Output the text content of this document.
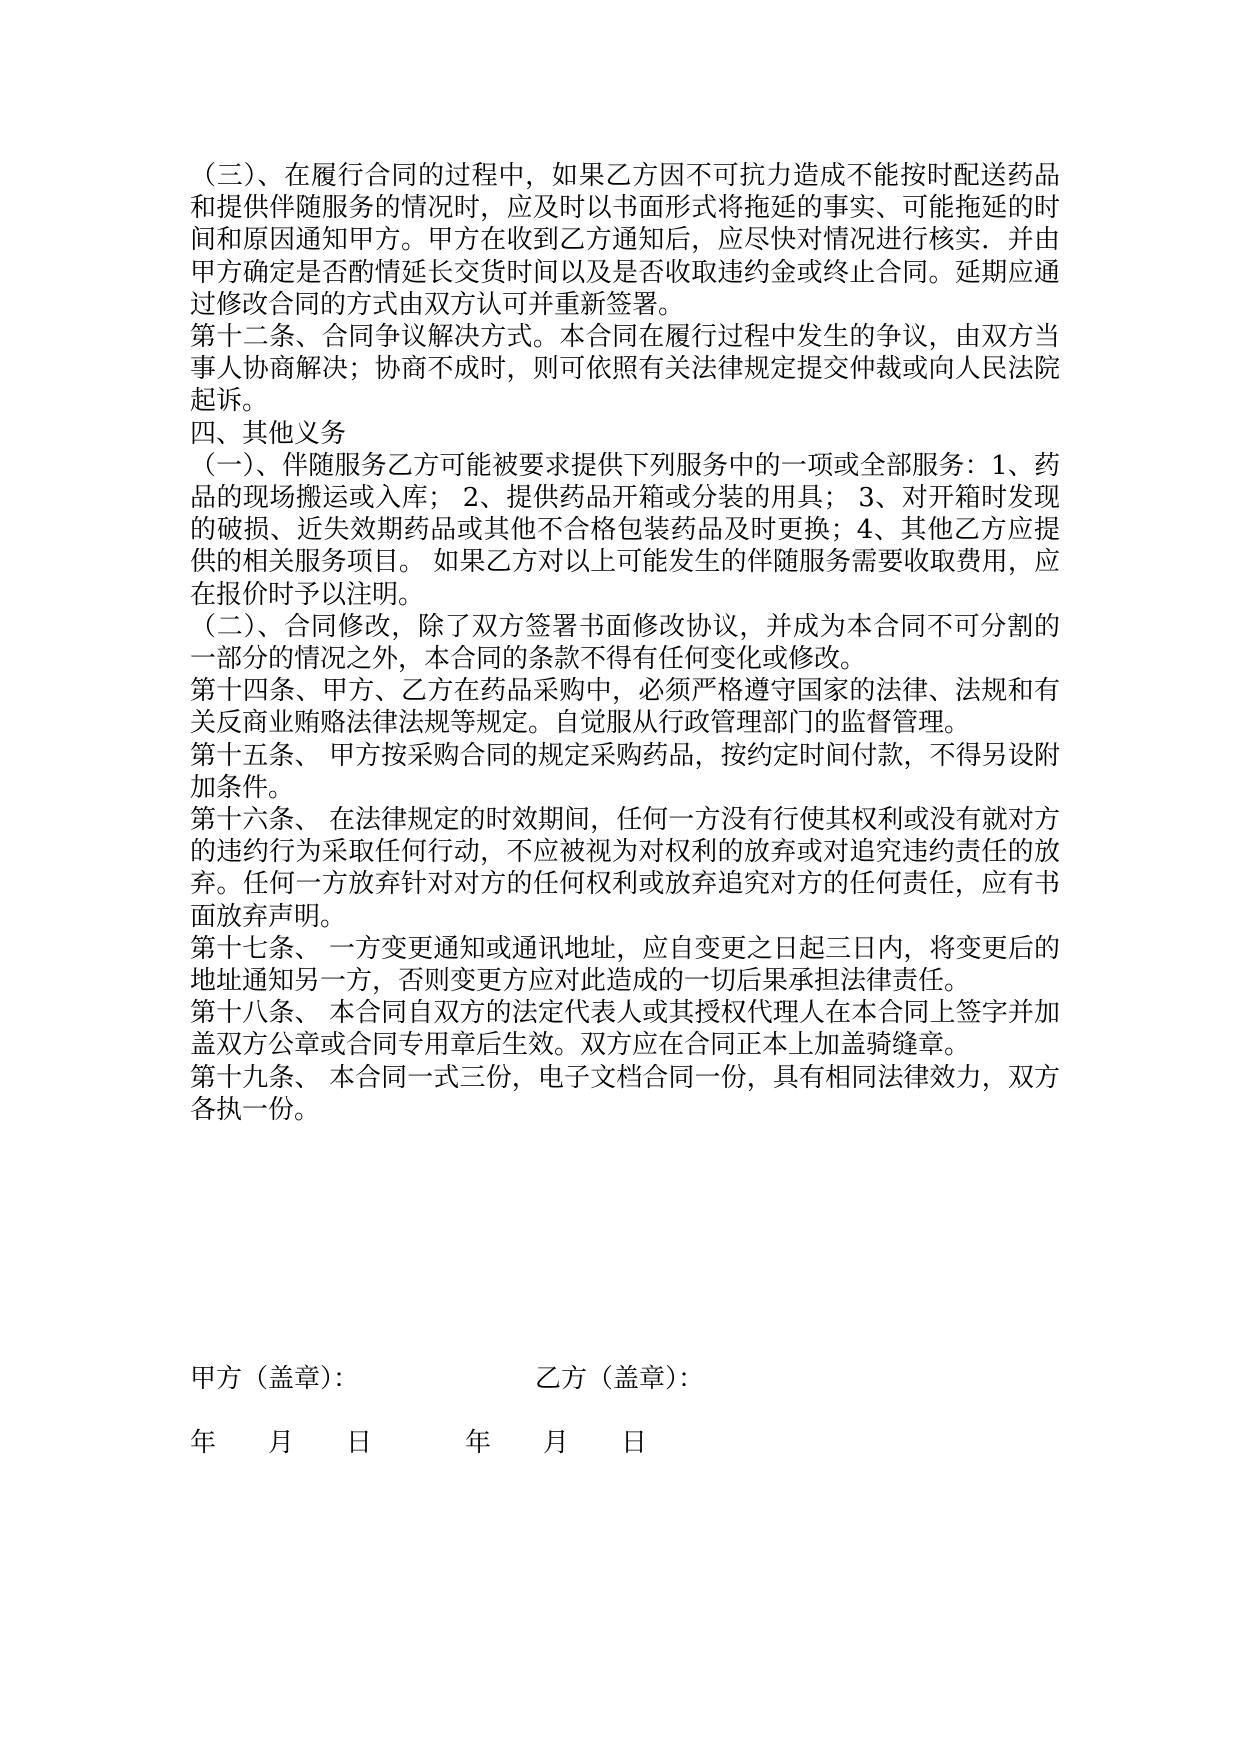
（三）、在履行合同的过程中，如果乙方因不可抗力造成不能按时配送药品和提供伴随服务的情况时，应及时以书面形式将拖延的事实、可能拖延的时间和原因通知甲方。甲方在收到乙方通知后，应尽快对情况进行核实．并由甲方确定是否酌情延长交货时间以及是否收取违约金或终止合同。延期应通过修改合同的方式由双方认可并重新签署。

第十二条、合同争议解决方式。本合同在履行过程中发生的争议，由双方当事人协商解决；协商不成时，则可依照有关法律规定提交仲裁或向人民法院起诉。

四、其他义务

（一）、伴随服务乙方可能被要求提供下列服务中的一项或全部服务：1、药品的现场搬运或入库； 2、提供药品开箱或分装的用具； 3、对开箱时发现的破损、近失效期药品或其他不合格包装药品及时更换；4、其他乙方应提供的相关服务项目。 如果乙方对以上可能发生的伴随服务需要收取费用，应在报价时予以注明。

（二）、合同修改，除了双方签署书面修改协议，并成为本合同不可分割的一部分的情况之外，本合同的条款不得有任何变化或修改。

第十四条、甲方、乙方在药品采购中，必须严格遵守国家的法律、法规和有关反商业贿赂法律法规等规定。自觉服从行政管理部门的监督管理。

第十五条、 甲方按采购合同的规定采购药品，按约定时间付款，不得另设附加条件。

第十六条、 在法律规定的时效期间，任何一方没有行使其权利或没有就对方的违约行为采取任何行动，不应被视为对权利的放弃或对追究违约责任的放弃。任何一方放弃针对对方的任何权利或放弃追究对方的任何责任，应有书面放弃声明。

第十七条、 一方变更通知或通讯地址，应自变更之日起三日内，将变更后的地址通知另一方，否则变更方应对此造成的一切后果承担法律责任。

第十八条、 本合同自双方的法定代表人或其授权代理人在本合同上签字并加盖双方公章或合同专用章后生效。双方应在合同正本上加盖骑缝章。

第十九条、 本合同一式三份，电子文档合同一份，具有相同法律效力，双方各执一份。

甲方（盖章）：

	乙方（盖章）：

年　　月　　日

	年　　月　　日
